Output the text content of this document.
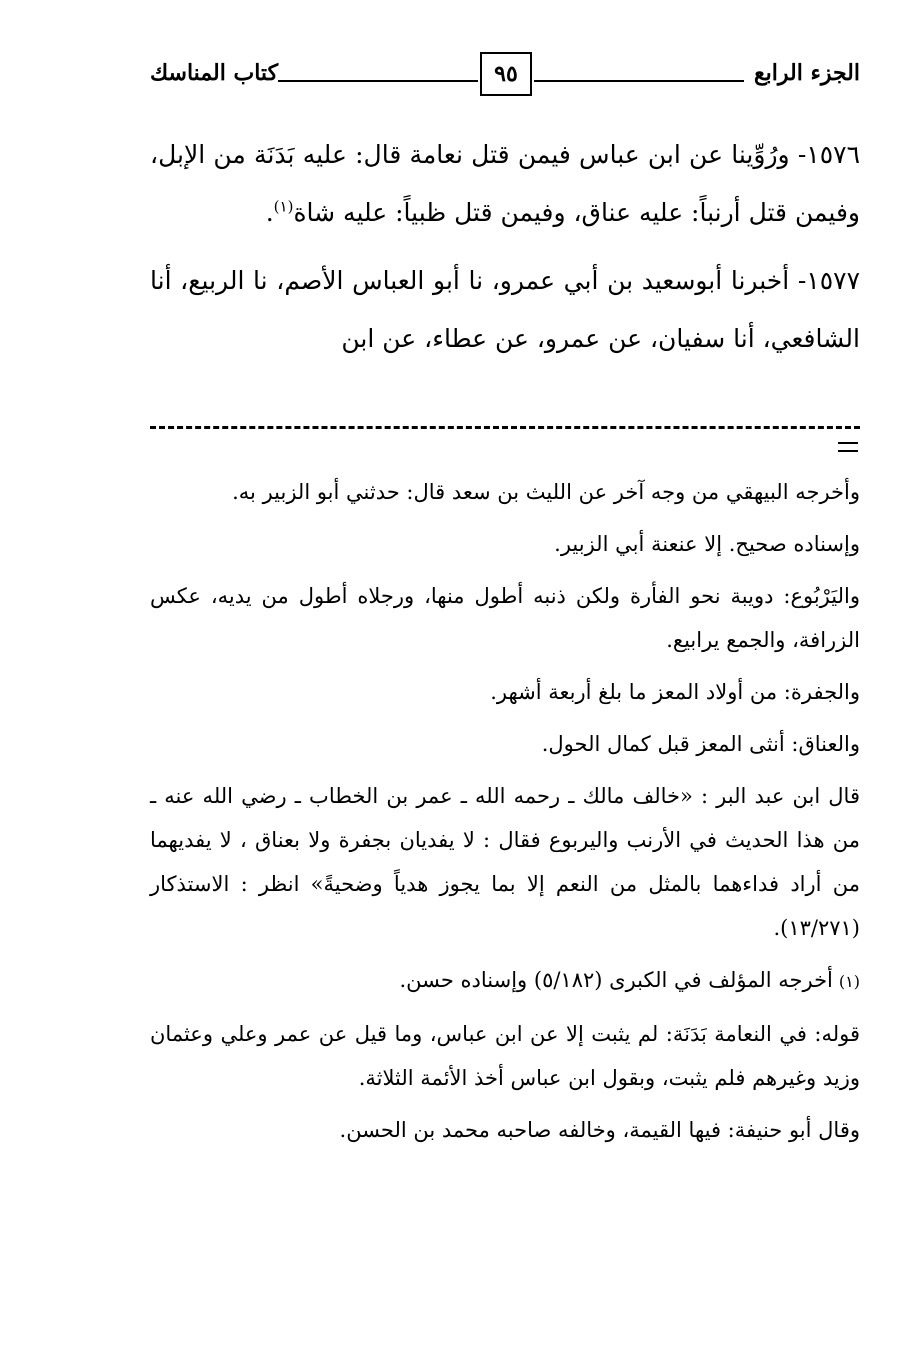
الجزء الرابع
٩٥
كتاب المناسك

١٥٧٦- ورُوِّينا عن ابن عباس فيمن قتل نعامة قال: عليه بَدَنَة من الإبل، وفيمن قتل أرنباً: عليه عناق، وفيمن قتل ظبياً: عليه شاة$^{(١)}$.

١٥٧٧- أخبرنا أبوسعيد بن أبي عمرو، نا أبو العباس الأصم، نا الربيع، أنا الشافعي، أنا سفيان، عن عمرو، عن عطاء، عن ابن

وأخرجه البيهقي من وجه آخر عن الليث بن سعد قال: حدثني أبو الزبير به.

وإسناده صحيح. إلا عنعنة أبي الزبير.

واليَرْبُوع: دويبة نحو الفأرة ولكن ذنبه أطول منها، ورجلاه أطول من يديه، عكس الزرافة، والجمع يرابيع.

والجفرة: من أولاد المعز ما بلغ أربعة أشهر.

والعناق: أنثى المعز قبل كمال الحول.

قال ابن عبد البر : «خالف مالك ـ رحمه الله ـ عمر بن الخطاب ـ رضي الله عنه ـ من هذا الحديث في الأرنب واليربوع فقال : لا يفديان بجفرة ولا بعناق ، لا يفديهما من أراد فداءهما بالمثل من النعم إلا بما يجوز هدياً وضحيةً» انظر : الاستذكار (١٣/٢٧١).

(١)أخرجه المؤلف في الكبرى (٥/١٨٢) وإسناده حسن.

قوله: في النعامة بَدَنَة: لم يثبت إلا عن ابن عباس، وما قيل عن عمر وعلي وعثمان وزيد وغيرهم فلم يثبت، وبقول ابن عباس أخذ الأئمة الثلاثة.

وقال أبو حنيفة: فيها القيمة، وخالفه صاحبه محمد بن الحسن.
